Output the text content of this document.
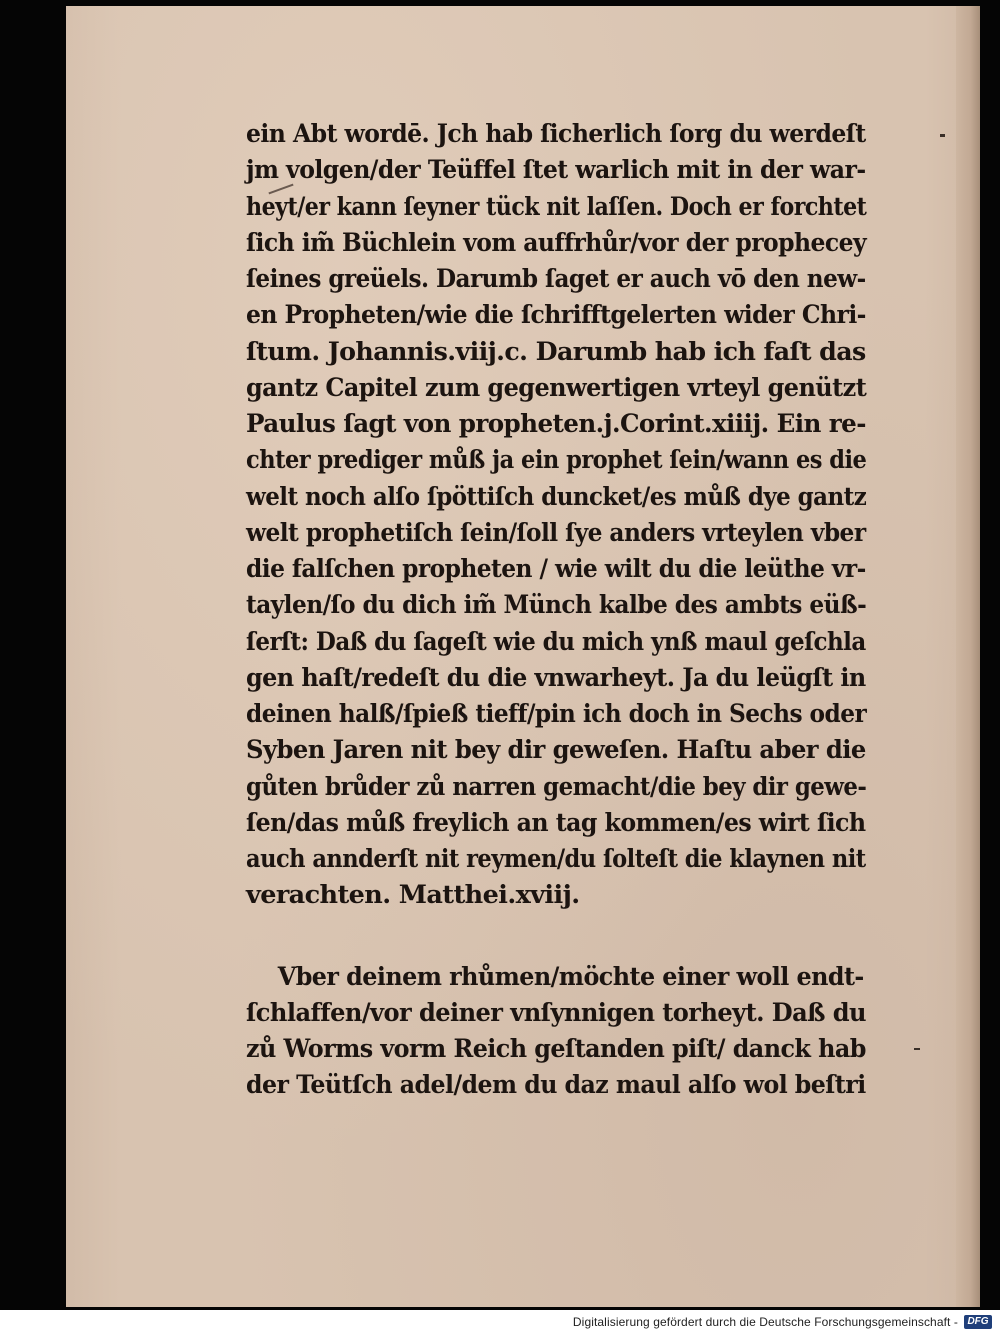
ein Abt wordē. Jch hab ſicherlich ſorg du werdeſt
jm volgen/der Teüffel ſtet warlich mit in der war-
heyt/er kann ſeyner tück nit laſſen. Doch er forchtet
ſich im̃ Büchlein vom auffrhůr/vor der prophecey
ſeines greüels. Darumb ſaget er auch vō den new-
en Propheten/wie die ſchrifftgelerten wider Chri-
ſtum. Johannis.viij.c. Darumb hab ich faſt das
gantz Capitel zum gegenwertigen vrteyl genützt
Paulus ſagt von propheten.j.Corint.xiiij. Ein re-
chter prediger můß ja ein prophet ſein/wann es die
welt noch alſo ſpöttiſch duncket/es můß dye gantz
welt prophetiſch ſein/ſoll ſye anders vrteylen vber
die falſchen propheten / wie wilt du die leüthe vr-
taylen/ſo du dich im̃ Münch kalbe des ambts eüß-
ſerſt: Daß du ſageſt wie du mich ynß maul geſchla
gen haſt/redeſt du die vnwarheyt. Ja du leügſt in
deinen halß/ſpieß tieff/pin ich doch in Sechs oder
Syben Jaren nit bey dir geweſen. Haſtu aber die
gůten brůder zů narren gemacht/die bey dir gewe-
ſen/das můß freylich an tag kommen/es wirt ſich
auch annderſt nit reymen/du ſolteſt die klaynen nit
verachten. Matthei.xviij.
Vber deinem rhůmen/möchte einer woll endt-
ſchlaffen/vor deiner vnſynnigen torheyt. Daß du
zů Worms vorm Reich geſtanden piſt/ danck hab
der Teütſch adel/dem du daz maul alſo wol beſtri
Digitalisierung gefördert durch die Deutsche Forschungsgemeinschaft - DFG
